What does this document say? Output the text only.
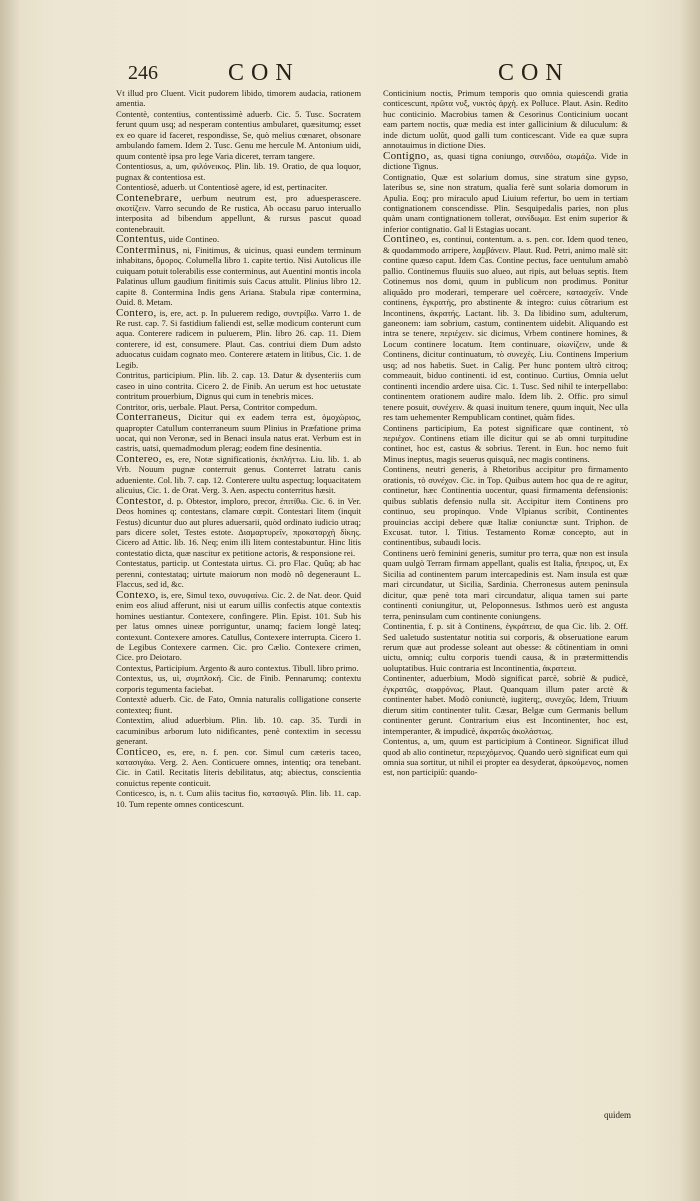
246	CON	CON

Vt illud pro Cluent. Vicit pudorem libido, timorem audacia, rationem amentia.

Contentè, contentius, contentissimè aduerb. Cic. 5. Tusc. Socratem ferunt quum usq; ad nesperam contentius ambularet, quæsitumq; esset ex eo quare id faceret, respondisse, Se, quò melius cœnaret, obsonare ambulando famem. Idem 2. Tusc. Genu me hercule M. Antonium uidi, quum contentè ipsa pro lege Varia diceret, terram tangere.

Contentiosus, a, um, φιλόνεικος. Plin. lib. 19. Oratio, de qua loquor, pugnax & contentiosa est.

Contentiosè, aduerb. ut Contentiosè agere, id est, pertinaciter.

Contenebrare, uerbum neutrum est, pro aduesperascere. σκοτίζειν. Varro secundo de Re rustica, Ab occasu paruo interuallo interposita ad bibendum appellunt, & rursus pascut quoad contenebrauit.

Contentus, uide Contineo.

Conterminus, ni, Finitimus, & uicinus, quasi eundem terminum inhabitans, ὅμορος. Columella libro 1. capite tertio. Nisi Autolicus ille cuiquam potuit tolerabilis esse conterminus, aut Auentini montis incola Palatinus ullum gaudium finitimis suis Cacus attulit. Plinius libro 12. capite 8. Contermina Indis gens Ariana. Stabula ripæ contermina, Ouid. 8. Metam.

Contero, is, ere, act. p. In puluerem redigo, συντρίβω. Varro 1. de Re rust. cap. 7. Si fastidium faliendi est, sellæ modicum conterunt cum aqua. Conterere radicem in puluerem, Plin. libro 26. cap. 11. Diem conterere, id est, consumere. Plaut. Cas. contriui diem Dum adsto aduocatus cuidam cognato meo. Conterere ætatem in litibus, Cic. 1. de Legib.

Contritus, participium. Plin. lib. 2. cap. 13. Datur & dysenteriis cum caseo in uino contrita. Cicero 2. de Finib. An uerum est hoc uetustate contritum prouerbium, Dignus qui cum in tenebris mices.

Contritor, oris, uerbale. Plaut. Persa, Contritor compedum.

Conterraneus, Dicitur qui ex eadem terra est, ὁμοχώριος, quapropter Catullum conterraneum suum Plinius in Præfatione prima uocat, qui non Veronæ, sed in Benaci insula natus erat. Verbum est in castris, uatsi, quemadmodum plerag; eodem fine desinentia.

Contereo, es, ere, Notæ significationis, ἐκπλήττω. Liu. lib. 1. ab Vrb. Nouum pugnæ conterruit genus. Conterret latratu canis adueniente. Col. lib. 7. cap. 12. Conterere uultu aspectuq; loquacitatem alicuius, Cic. 1. de Orat. Verg. 3. Aen. aspectu conterritus hæsit.

Contestor, d. p. Obtestor, imploro, precor, ἐπιτίθω. Cic. 6. in Ver. Deos homines q; contestans, clamare cœpit. Contestari litem (inquit Festus) dicuntur duo aut plures aduersarii, quòd ordinato iudicio utraq; pars dicere solet, Testes estote. Διαμαρτυρεῖν, προκαταρχὴ δίκης. Cicero ad Attic. lib. 16. Neq; enim illi litem contestabuntur. Hinc litis contestatio dicta, quæ nascitur ex petitione actoris, & responsione rei.

Contestatus, particip. ut Contestata uirtus. Ci. pro Flac. Quûq; ab hac perenni, contestataq; uirtute maiorum non modò nô degeneraunt L. Flaccus, sed id, &c.

Contexo, is, ere, Simul texo, συνυφαίνω. Cic. 2. de Nat. deor. Quid enim eos aliud afferunt, nisi ut earum uillis confectis atque contextis homines uestiantur. Contexere, confingere. Plin. Epist. 101. Sub his per latus omnes uineæ porriguntur, unamq; faciem longè lateq; contexunt. Contexere amores. Catullus, Contexere interrupta. Cicero 1. de Legibus Contexere carmen. Cic. pro Cælio. Contexere crimen, Cice. pro Deiotaro.

Contextus, Participium. Argento & auro contextus. Tibull. libro primo.

Contextus, us, ui, συμπλοκή. Cic. de Finib. Pennarumq; contextu corporis tegumenta faciebat.

Contextè aduerb. Cic. de Fato, Omnia naturalis colligatione conserte contexteq; fiunt.

Contextim, aliud aduerbium. Plin. lib. 10. cap. 35. Turdi in cacuminibus arborum luto nidificantes, penè contextim in secessu generant.

Conticeo, es, ere, n. f. pen. cor. Simul cum cæteris taceo, κατασιγάω. Verg. 2. Aen. Conticuere omnes, intentiq; ora tenebant. Cic. in Catil. Recitatis literis debilitatus, atq; abiectus, conscientia conuictus repente conticuit.

Conticesco, is, n. t. Cum aliis tacitus fio, κατασιγῶ. Plin. lib. 11. cap. 10. Tum repente omnes conticescunt.

Conticinium noctis, Primum temporis quo omnia quiescendi gratia conticescunt, πρῶτα νυξ, νυκτὸς ἀρχὴ. ex Polluce. Plaut. Asin. Redito huc conticinio. Macrobius tamen & Cesorinus Conticinium uocant eam partem noctis, quæ media est inter gallicinium & diluculum: & inde dictum uolût, quod galli tum conticescant. Vide ea quæ supra annotauimus in dictione Dies.

Contigno, as, quasi tigna coniungo, σανιδόω, σωμάζω. Vide in dictione Tignus.

Contignatio, Quæ est solarium domus, sine stratum sine gypso, lateribus se, sine non stratum, qualia ferè sunt solaria domorum in Apulia. Eoq; pro miraculo apud Liuium refertur, bo uem in tertiam contignationem conscendisse. Plin. Sesquipedalis paries, non plus quàm unam contignationem tollerat, σανίδωμα. Est enim superior & inferior contignatio. Gal li Estagias uocant.

Contineo, es, continui, contentum. a. s. pen. cor. Idem quod teneo, & quodammodo arripere, λαμβάνειν. Plaut. Rud. Petri, animo malè sit: contine quæso caput. Idem Cas. Contine pectus, face uentulum amabò pallio. Continemus fluuiis suo alueo, aut ripis, aut beluas septis. Item Cotinemus nos domi, quum in publicum non prodimus. Ponitur aliquãdo pro moderari, temperare uel coërcere, κατασχεῖν. Vnde continens, ἐγκρατής, pro abstinente & integro: cuius cõtrarium est Incontinens, ἀκρατής. Lactant. lib. 3. Da libidino sum, adulterum, ganeonem: iam sobrium, castum, continentem uidebit. Aliquando est intra se tenere, περιέχειν. sic dicimus, Vrbem continere homines, & Locum continere locatum. Item continuare, οἰωνίζειν, unde & Continens, dicitur continuatum, τὸ συνεχὲς. Liu. Continens Imperium usq; ad nos habetis. Suet. in Calig. Per hunc pontem ultrò citroq; commeauit, biduo continenti. id est, continuo. Curtius, Omnia uelut continenti incendio ardere uisa. Cic. 1. Tusc. Sed nihil te interpellabo: continentem orationem audire malo. Idem lib. 2. Offic. pro simul tenere posuit, συνέχειν. & quasi inuitum tenere, quum inquit, Nec ulla res tam uehementer Rempublicam continet, quàm fides.

Continens participium, Ea potest significare quæ continent, τὸ περιέχον. Continens etiam ille dicitur qui se ab omni turpitudine continet, hoc est, castus & sobrius. Terent. in Eun. hoc nemo fuit Minus ineptus, magis seuerus quisquã, nec magis continens.

Continens, neutri generis, à Rhetoribus accipitur pro firmamento orationis, τὸ συνέχον. Cic. in Top. Quibus autem hoc qua de re agitur, continetur, hæc Continentia uocentur, quasi firmamenta defensionis: quibus sublatis defensio nulla sit. Accipitur item Continens pro continuo, seu propinquo. Vnde Vlpianus scribit, Continentes prouincias accipi debere quæ Italiæ coniunctæ sunt. Triphon. de Excusat. tutor. l. Titius. Testamento Romæ concepto, aut in continentibus, subaudi locis.

Continens uerò feminini generis, sumitur pro terra, quæ non est insula quam uulgò Terram firmam appellant, qualis est Italia, ἤπειρος, ut, Ex Sicilia ad continentem parum intercapedinis est. Nam insula est quæ mari circundatur, ut Sicilia, Sardinia. Cherronesus autem peninsula dicitur, quæ penè tota mari circundatur, aliqua tamen sui parte continenti coniungitur, ut, Peloponnesus. Isthmos uerò est angusta terra, peninsulam cum continente coniungens.

Continentia, f. p. sit à Continens, ἐγκράτεια, de qua Cic. lib. 2. Off. Sed ualetudo sustentatur notitia sui corporis, & obseruatione earum rerum quæ aut prodesse soleant aut obesse: & cõtinentiam in omni uictu, omniq; cultu corporis tuendi causa, & in prætermittendis uoluptatibus. Huic contraria est Incontinentia, ἀκρατεια.

Continenter, aduerbium, Modò significat parcè, sobriè & pudicè, ἐγκρατῶς, σωφρόνως. Plaut. Quanquam illum pater arctè & continenter habet. Modò coniunctè, iugiterq;, συνεχῶς. Idem, Triuum dierum sitim continenter tulit. Cæsar, Belgæ cum Germanis bellum continenter gerunt. Contrarium eius est Incontinenter, hoc est, intemperanter, & impudicè, ἀκρατῶς ἀκολάστως.

Contentus, a, um, quum est participium à Contineor. Significat illud quod ab alio continetur, περιεχόμενος. Quando uerò significat eum qui omnia sua sortitur, ut nihil ei propter ea desyderat, ἀρκούμενος, nomen est, non participiû: quando-

quidem
